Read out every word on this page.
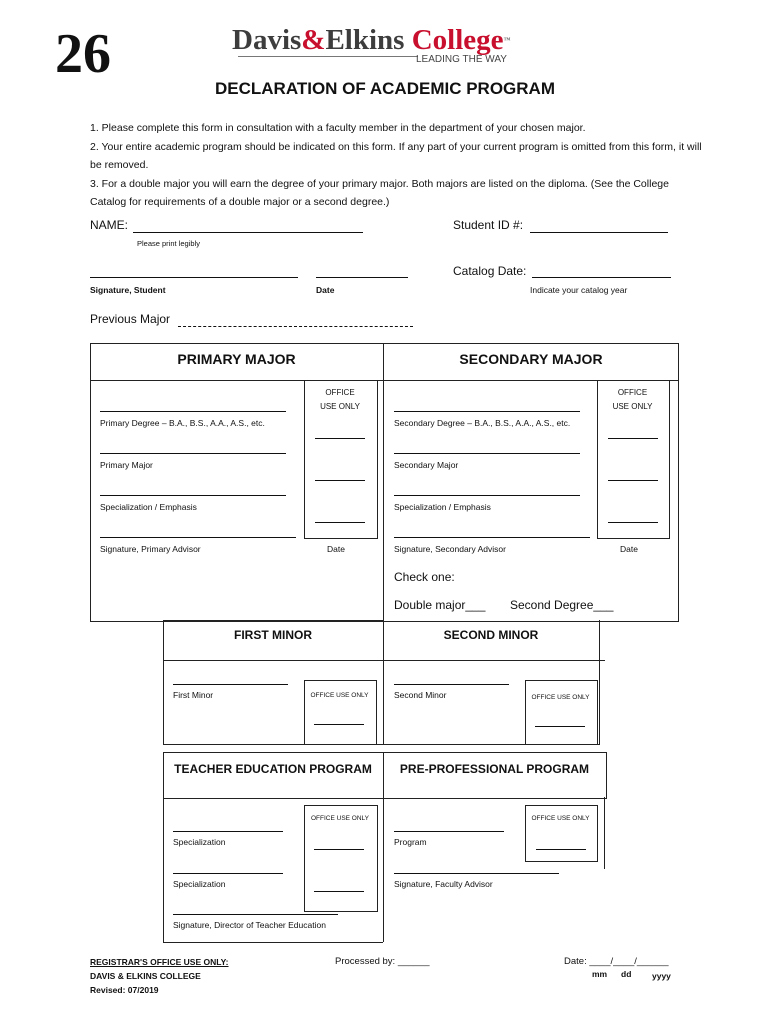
26	Davis&Elkins College™
LEADING THE WAY
DECLARATION OF ACADEMIC PROGRAM
1. Please complete this form in consultation with a faculty member in the department of your chosen major.
2. Your entire academic program should be indicated on this form. If any part of your current program is omitted from this form, it will be removed.
3. For a double major you will earn the degree of your primary major. Both majors are listed on the diploma. (See the College Catalog for requirements of a double major or a second degree.)
NAME:
Please print legibly
Student ID #:
Catalog Date:
Signature, Student	Date	Indicate your catalog year
Previous Major
PRIMARY MAJOR	SECONDARY MAJOR
OFFICE
USE ONLY
Primary Degree – B.A., B.S., A.A., A.S., etc.
Primary Major
Specialization / Emphasis
Signature, Primary Advisor	Date
OFFICE
USE ONLY
Secondary Degree – B.A., B.S., A.A., A.S., etc.
Secondary Major
Specialization / Emphasis
Signature, Secondary Advisor	Date
Check one:
Double major___ Second Degree___
FIRST MINOR	SECOND MINOR
First Minor	OFFICE USE ONLY	Second Minor	OFFICE USE ONLY
TEACHER EDUCATION PROGRAM	PRE-PROFESSIONAL PROGRAM
OFFICE USE ONLY
Specialization
Specialization
Signature, Director of Teacher Education
OFFICE USE ONLY
Program
Signature, Faculty Advisor
REGISTRAR'S OFFICE USE ONLY:
DAVIS & ELKINS COLLEGE
Revised: 07/2019
Processed by: ______	Date: ____/____/______
mm dd yyyy
